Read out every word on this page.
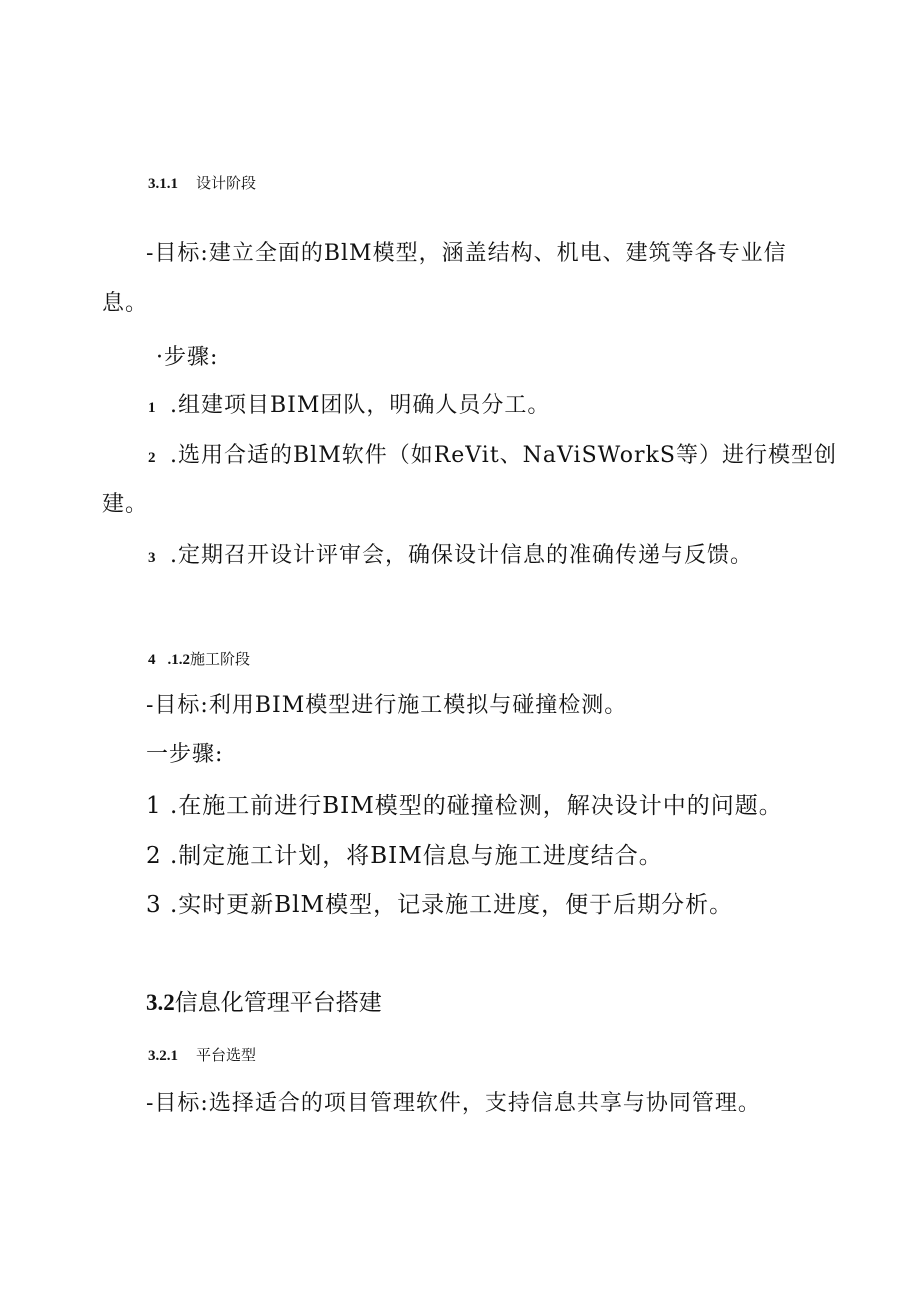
3.1.1 设计阶段
-目标:建立全面的BlM模型，涵盖结构、机电、建筑等各专业信
息。
·步骤:
1 .组建项目BIM团队，明确人员分工。
2 .选用合适的BlM软件（如ReVit、NaViSWorkS等）进行模型创
建。
3 .定期召开设计评审会，确保设计信息的准确传递与反馈。
4 .1.2施工阶段
-目标:利用BIM模型进行施工模拟与碰撞检测。
一步骤:
1 .在施工前进行BIM模型的碰撞检测，解决设计中的问题。
2 .制定施工计划，将BIM信息与施工进度结合。
3 .实时更新BlM模型，记录施工进度，便于后期分析。
3.2信息化管理平台搭建
3.2.1 平台选型
-目标:选择适合的项目管理软件，支持信息共享与协同管理。
